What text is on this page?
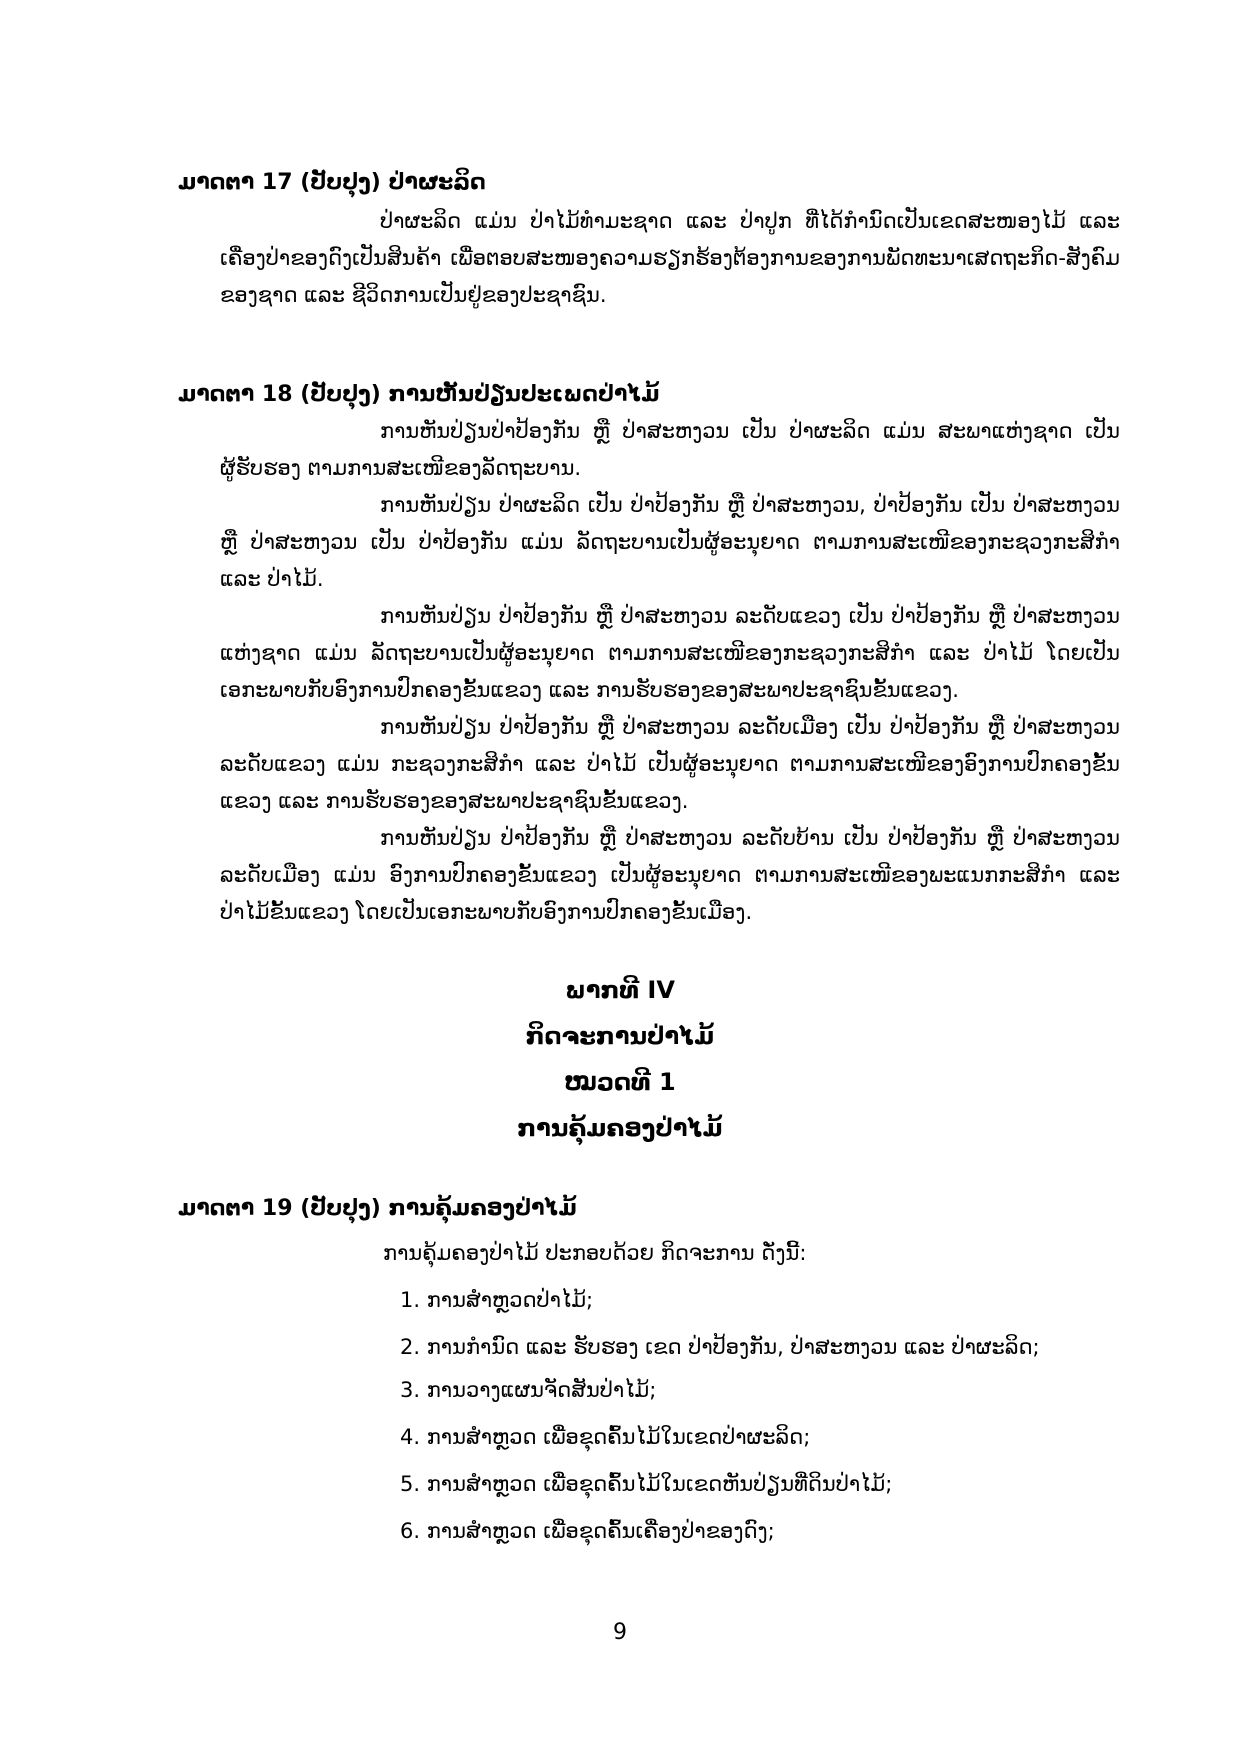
ມາດຕາ 17 (ປັບປຸງ) ປ່າຜະລິດ

ປ່າຜະລິດ ແມ່ນ ປ່າໄມ້ທຳມະຊາດ ແລະ ປ່າປູກ ທີ່ໄດ້ກຳນົດເປັນເຂດສະໜອງໄມ້ ແລະ ເຄື່ອງປ່າຂອງດົງເປັນສິນຄ້າ ເພື່ອຕອບສະໜອງຄວາມຮຽກຮ້ອງຕ້ອງການຂອງການພັດທະນາເສດຖະກິດ-ສັງຄົມຂອງຊາດ ແລະ ຊີວິດການເປັນຢູ່ຂອງປະຊາຊົນ.

ມາດຕາ 18 (ປັບປຸງ) ການຫັນປ່ຽນປະເພດປ່າໄມ້

ການຫັນປ່ຽນປ່າປ້ອງກັນ ຫຼື ປ່າສະຫງວນ ເປັນ ປ່າຜະລິດ ແມ່ນ ສະພາແຫ່ງຊາດ ເປັນຜູ້ຮັບຮອງ ຕາມການສະເໜີຂອງລັດຖະບານ.

ການຫັນປ່ຽນ ປ່າຜະລິດ ເປັນ ປ່າປ້ອງກັນ ຫຼື ປ່າສະຫງວນ, ປ່າປ້ອງກັນ ເປັນ ປ່າສະຫງວນ ຫຼື ປ່າສະຫງວນ ເປັນ ປ່າປ້ອງກັນ ແມ່ນ ລັດຖະບານເປັນຜູ້ອະນຸຍາດ ຕາມການສະເໜີຂອງກະຊວງກະສິກຳ ແລະ ປ່າໄມ້.

ການຫັນປ່ຽນ ປ່າປ້ອງກັນ ຫຼື ປ່າສະຫງວນ ລະດັບແຂວງ ເປັນ ປ່າປ້ອງກັນ ຫຼື ປ່າສະຫງວນແຫ່ງຊາດ ແມ່ນ ລັດຖະບານເປັນຜູ້ອະນຸຍາດ ຕາມການສະເໜີຂອງກະຊວງກະສິກຳ ແລະ ປ່າໄມ້ ໂດຍເປັນເອກະພາບກັບອົງການປົກຄອງຂັ້ນແຂວງ ແລະ ການຮັບຮອງຂອງສະພາປະຊາຊົນຂັ້ນແຂວງ.

ການຫັນປ່ຽນ ປ່າປ້ອງກັນ ຫຼື ປ່າສະຫງວນ ລະດັບເມືອງ ເປັນ ປ່າປ້ອງກັນ ຫຼື ປ່າສະຫງວນລະດັບແຂວງ ແມ່ນ ກະຊວງກະສິກຳ ແລະ ປ່າໄມ້ ເປັນຜູ້ອະນຸຍາດ ຕາມການສະເໜີຂອງອົງການປົກຄອງຂັ້ນແຂວງ ແລະ ການຮັບຮອງຂອງສະພາປະຊາຊົນຂັ້ນແຂວງ.

ການຫັນປ່ຽນ ປ່າປ້ອງກັນ ຫຼື ປ່າສະຫງວນ ລະດັບບ້ານ ເປັນ ປ່າປ້ອງກັນ ຫຼື ປ່າສະຫງວນລະດັບເມືອງ ແມ່ນ ອົງການປົກຄອງຂັ້ນແຂວງ ເປັນຜູ້ອະນຸຍາດ ຕາມການສະເໜີຂອງພະແນກກະສິກຳ ແລະ ປ່າໄມ້ຂັ້ນແຂວງ ໂດຍເປັນເອກະພາບກັບອົງການປົກຄອງຂັ້ນເມືອງ.

ພາກທີ IV
ກິດຈະການປ່າໄມ້
ໝວດທີ 1
ການຄຸ້ມຄອງປ່າໄມ້
ມາດຕາ 19 (ປັບປຸງ) ການຄຸ້ມຄອງປ່າໄມ້
ການຄຸ້ມຄອງປ່າໄມ້ ປະກອບດ້ວຍ ກິດຈະການ ດັ່ງນີ້:
1. ການສຳຫຼວດປ່າໄມ້;
2. ການກຳນົດ ແລະ ຮັບຮອງ ເຂດ ປ່າປ້ອງກັນ, ປ່າສະຫງວນ ແລະ ປ່າຜະລິດ;
3. ການວາງແຜນຈັດສັນປ່າໄມ້;
4. ການສຳຫຼວດ ເພື່ອຂຸດຄົ້ນໄມ້ໃນເຂດປ່າຜະລິດ;
5. ການສຳຫຼວດ ເພື່ອຂຸດຄົ້ນໄມ້ໃນເຂດຫັນປ່ຽນທີ່ດິນປ່າໄມ້;
6. ການສຳຫຼວດ ເພື່ອຂຸດຄົ້ນເຄື່ອງປ່າຂອງດົງ;
9
